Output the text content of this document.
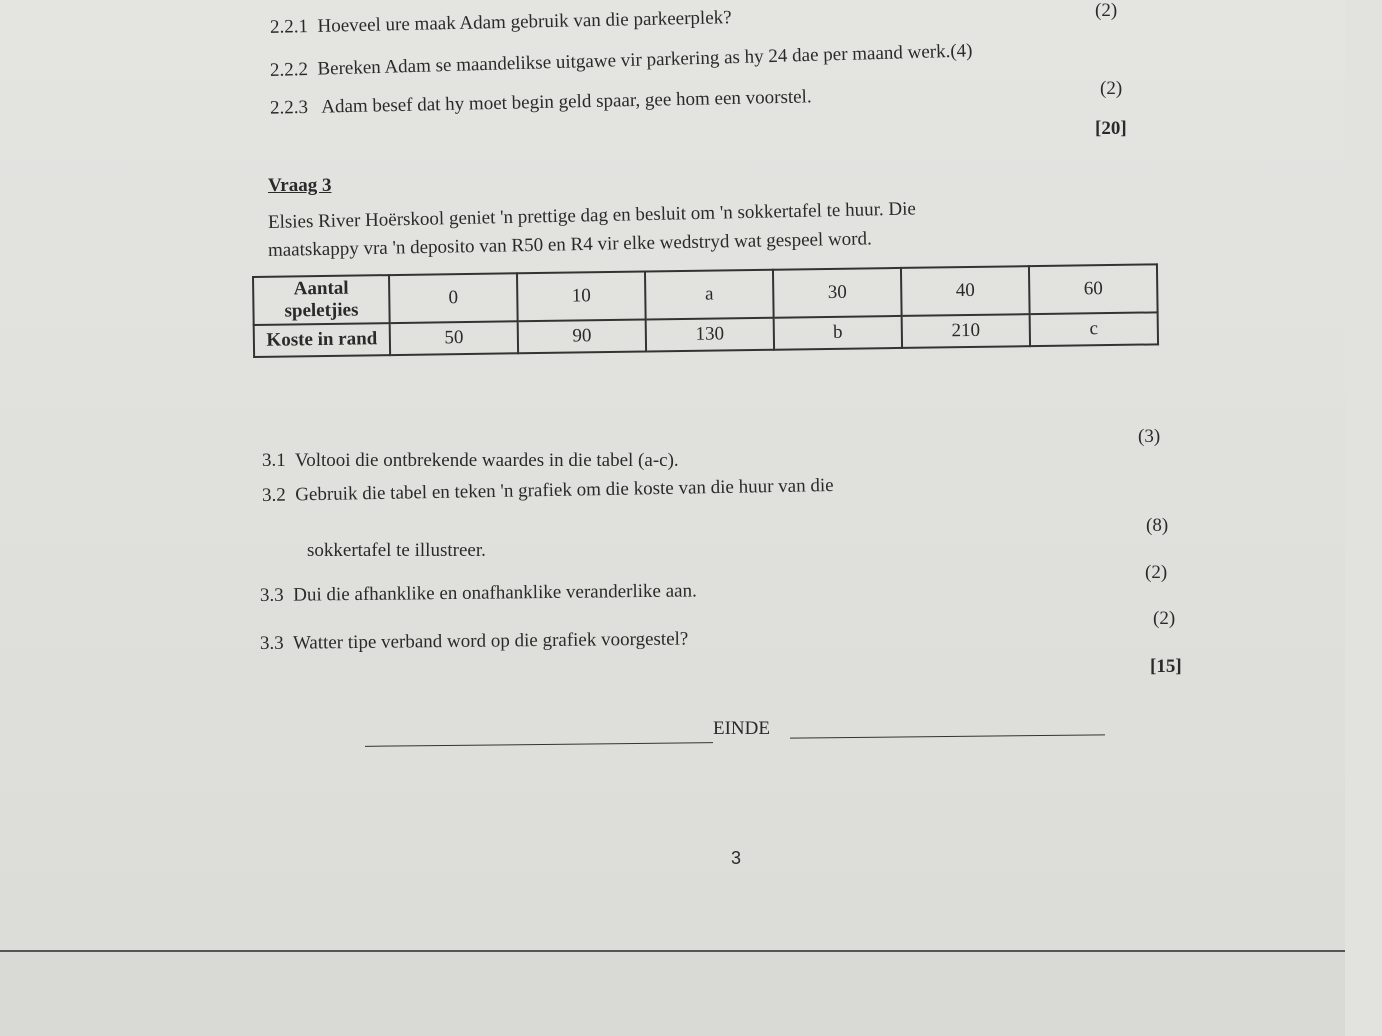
2.2.1 Hoeveel ure maak Adam gebruik van die parkeerplek?	(2)
2.2.2 Bereken Adam se maandelikse uitgawe vir parkering as hy 24 dae per maand werk.(4)
2.2.3 Adam besef dat hy moet begin geld spaar, gee hom een voorstel.	(2)
[20]
Vraag 3
Elsies River Hoërskool geniet 'n prettige dag en besluit om 'n sokkertafel te huur. Die
maatskappy vra 'n deposito van R50 en R4 vir elke wedstryd wat gespeel word.
Aantal speletjies	0	10	a	30	40	60
Koste in rand	50	90	130	b	210	c
3.1 Voltooi die ontbrekende waardes in die tabel (a-c).
(3)
3.2 Gebruik die tabel en teken 'n grafiek om die koste van die huur van die
sokkertafel te illustreer.
(8)
3.3 Dui die afhanklike en onafhanklike veranderlike aan.
(2)
3.3 Watter tipe verband word op die grafiek voorgestel?
(2)
[15]
EINDE
3
